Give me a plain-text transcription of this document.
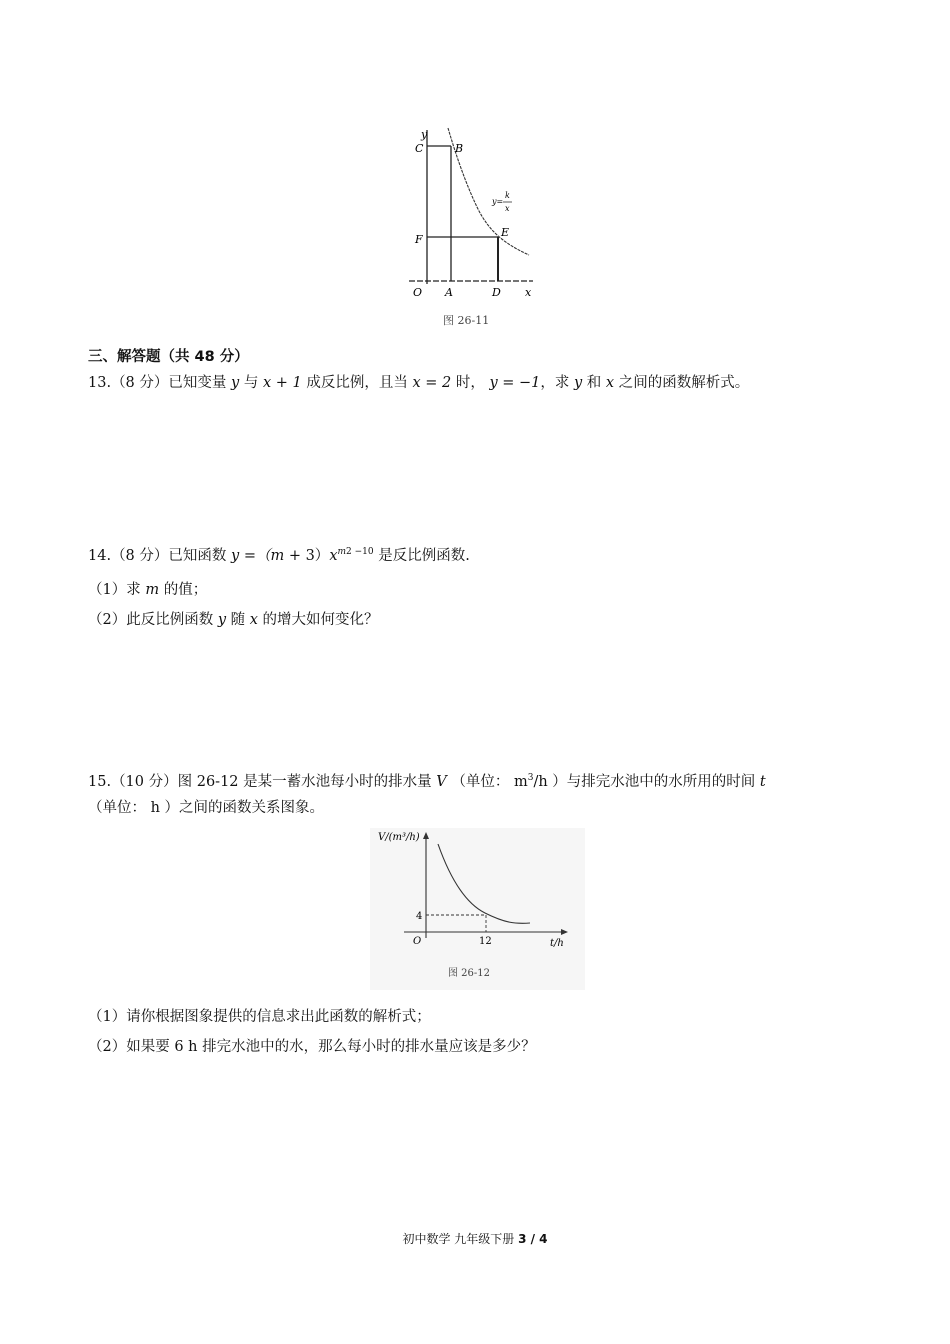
y
C	B
F
E
O A	D x
y=
k
x
图 26-11
三、解答题（共 48 分）
13.（8 分）已知变量 y 与 x + 1 成反比例，且当 x = 2 时， y = −1，求 y 和 x 之间的函数解析式。
14.（8 分）已知函数 $y =(m + 3)x^{m2 -10}$ 是反比例函数.
（1）求 m 的值；
（2）此反比例函数 y 随 x 的增大如何变化？
15.（10 分）图 26-12 是某一蓄水池每小时的排水量 V （单位： $m^3/h$ ）与排完水池中的水所用的时间 t
（单位： h ）之间的函数关系图象。
V/(m³/h)
t/h
O
4
12
图 26-12
（1）请你根据图象提供的信息求出此函数的解析式；
（2）如果要 6 h 排完水池中的水，那么每小时的排水量应该是多少？
初中数学 九年级下册 3 / 4
